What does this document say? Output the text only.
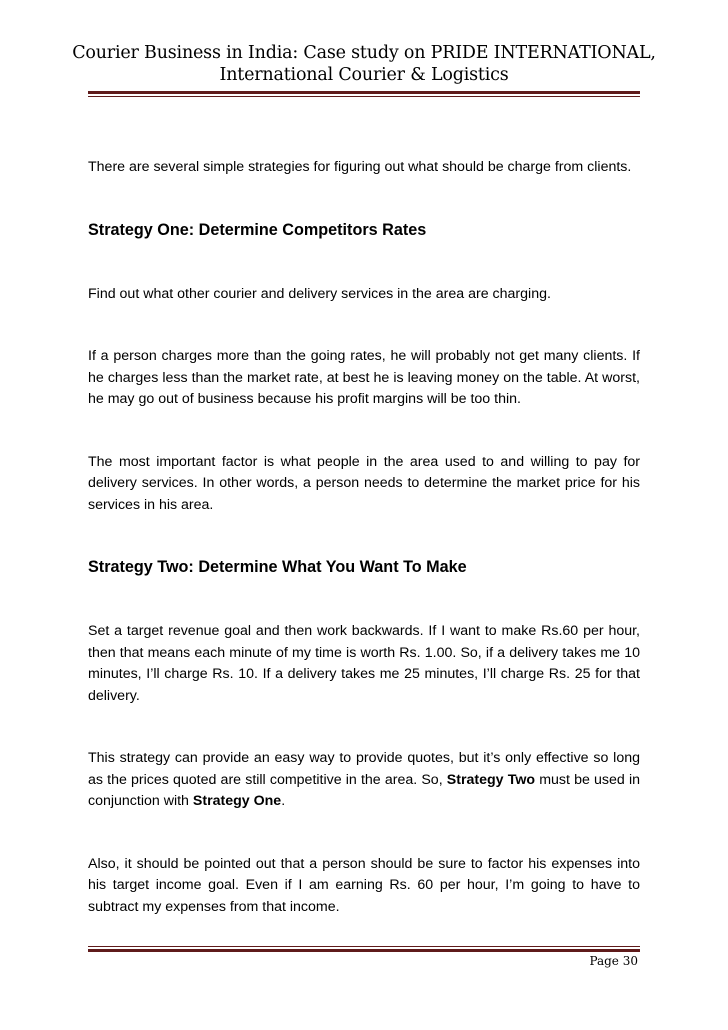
Courier Business in India: Case study on PRIDE INTERNATIONAL,
International Courier & Logistics

There are several simple strategies for figuring out what should be charge from clients.

Strategy One: Determine Competitors Rates

Find out what other courier and delivery services in the area are charging.

If a person charges more than the going rates, he will probably not get many clients. If he charges less than the market rate, at best he is leaving money on the table. At worst, he may go out of business because his profit margins will be too thin.

The most important factor is what people in the area used to and willing to pay for delivery services. In other words, a person needs to determine the market price for his services in his area.

Strategy Two: Determine What You Want To Make

Set a target revenue goal and then work backwards. If I want to make Rs.60 per hour, then that means each minute of my time is worth Rs. 1.00. So, if a delivery takes me 10 minutes, I’ll charge Rs. 10. If a delivery takes me 25 minutes, I’ll charge Rs. 25 for that delivery.

This strategy can provide an easy way to provide quotes, but it’s only effective so long as the prices quoted are still competitive in the area. So, Strategy Two must be used in conjunction with Strategy One.

Also, it should be pointed out that a person should be sure to factor his expenses into his target income goal. Even if I am earning Rs. 60 per hour, I’m going to have to subtract my expenses from that income.

Page 30
